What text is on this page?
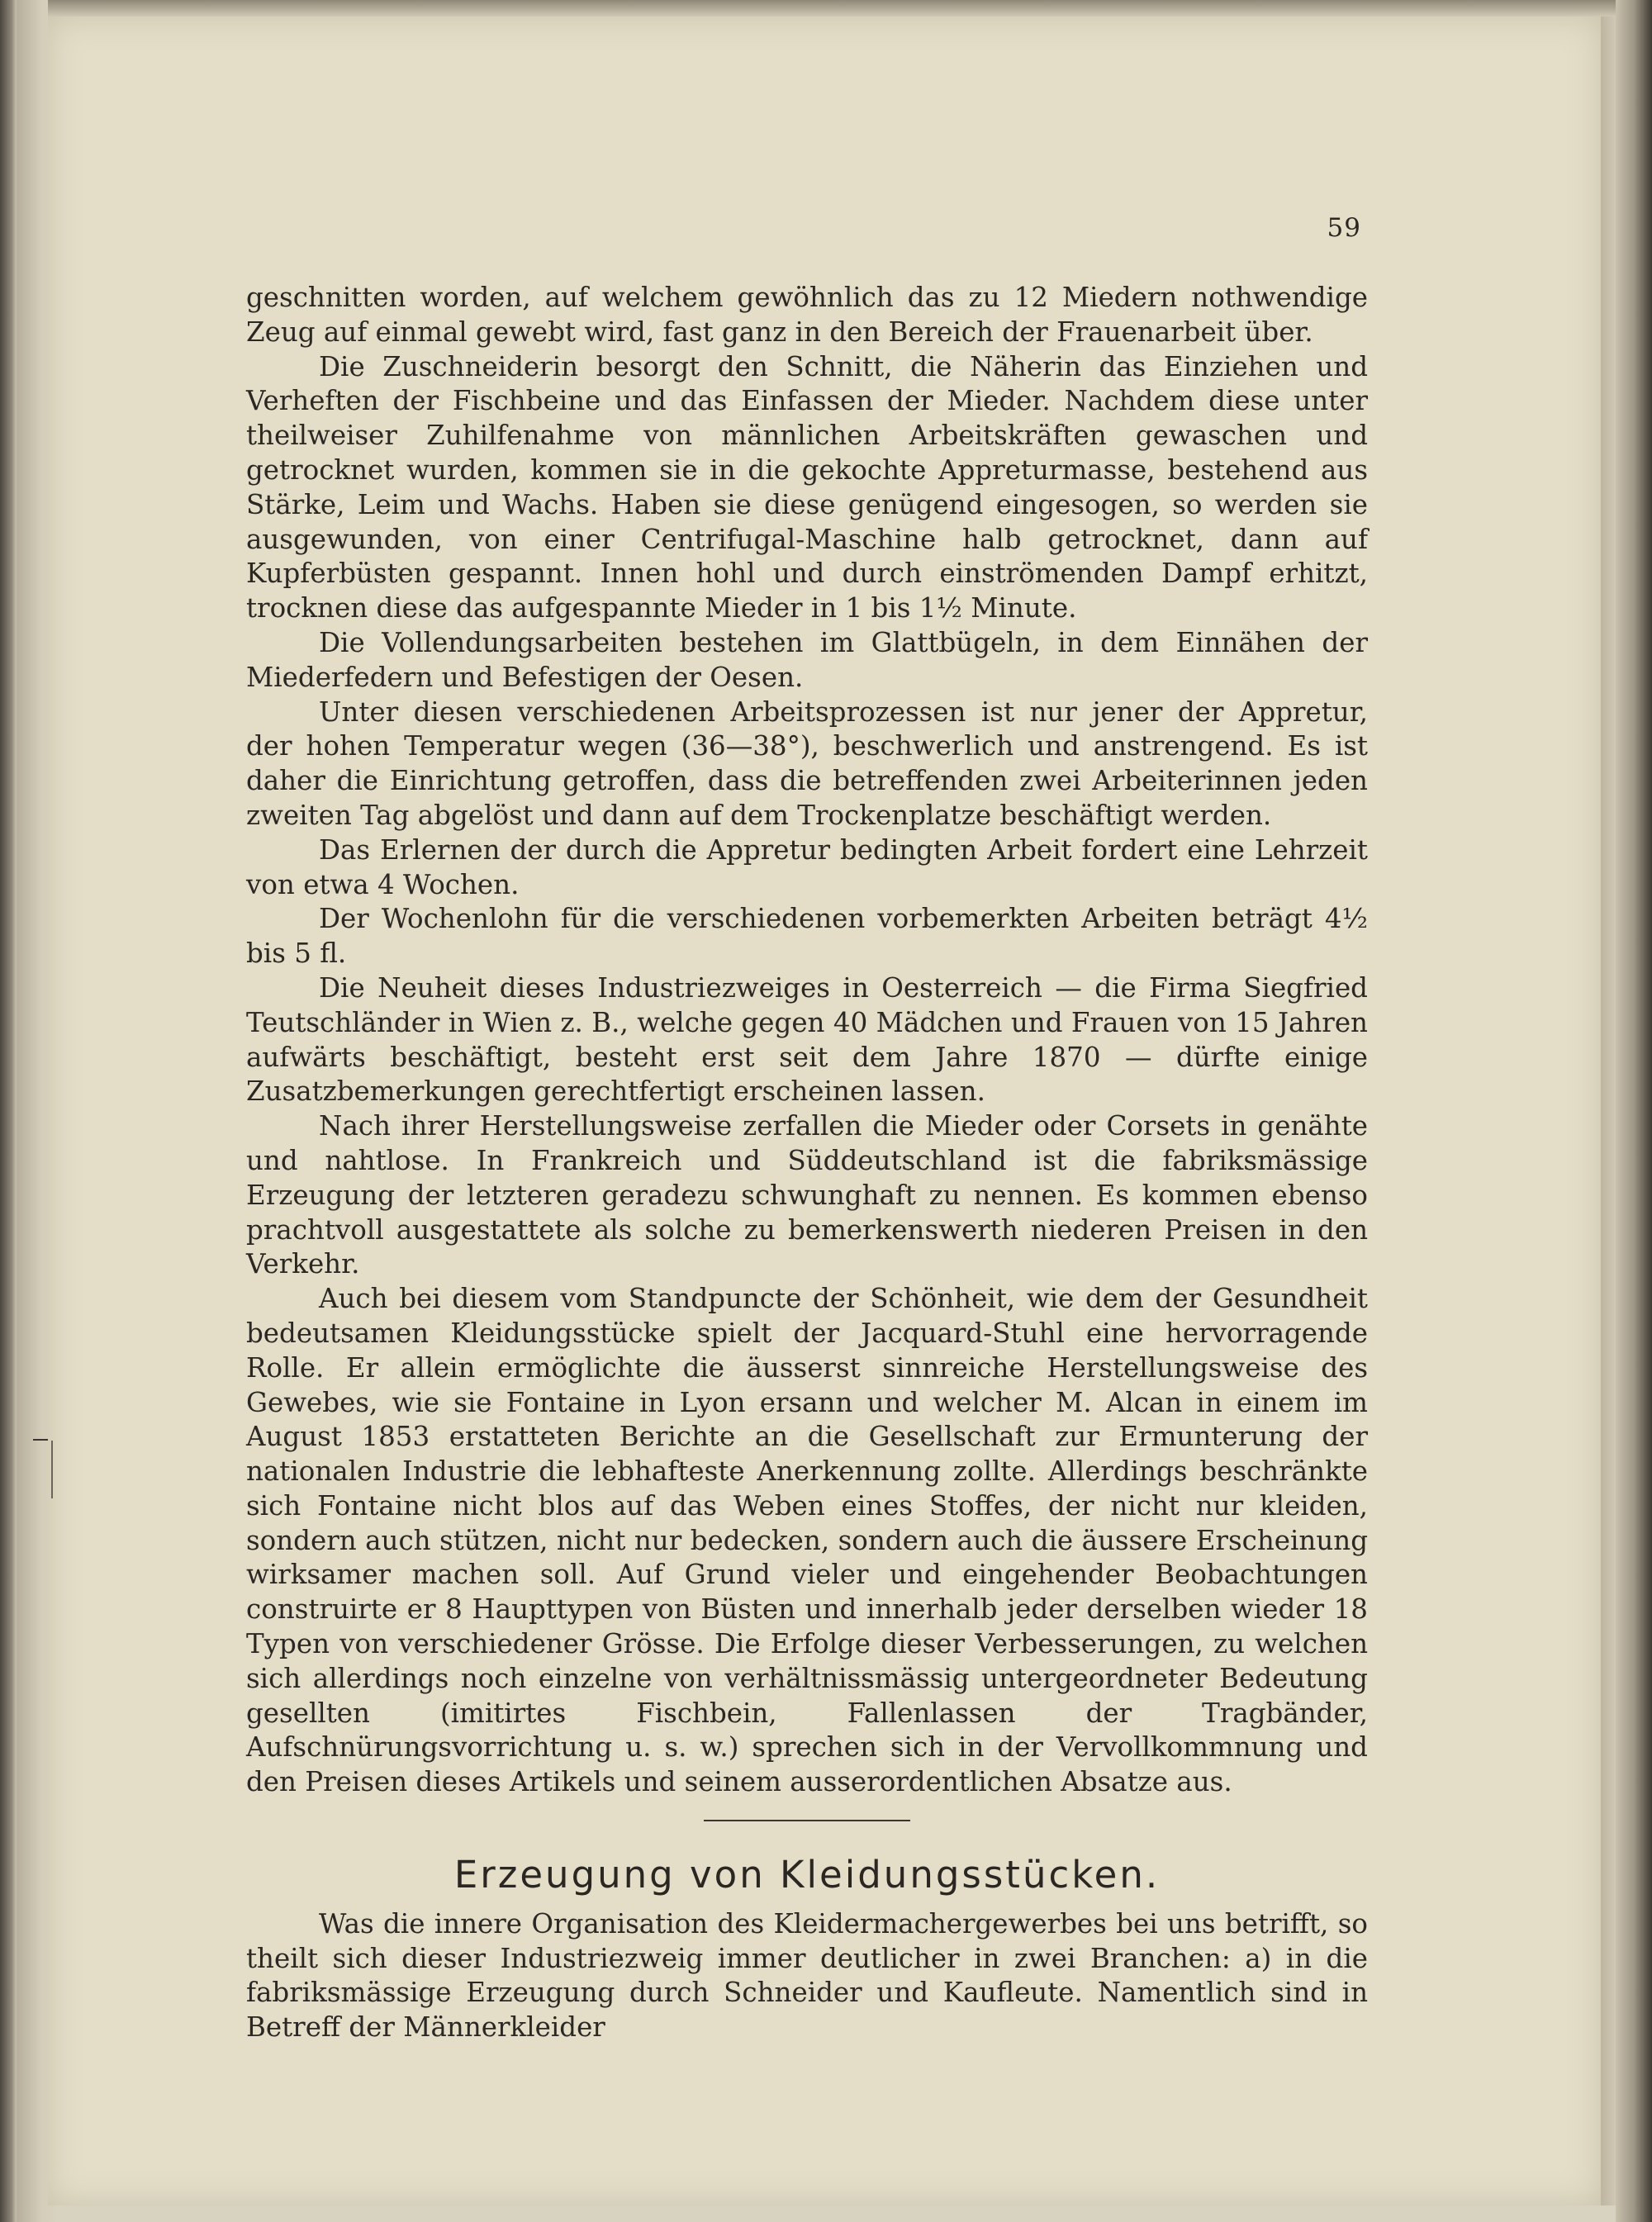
59

geschnitten worden, auf welchem gewöhnlich das zu 12 Miedern nothwendige Zeug auf einmal gewebt wird, fast ganz in den Bereich der Frauenarbeit über.

Die Zuschneiderin besorgt den Schnitt, die Näherin das Einziehen und Verheften der Fischbeine und das Einfassen der Mieder. Nachdem diese unter theilweiser Zuhilfenahme von männlichen Arbeitskräften gewaschen und getrocknet wurden, kommen sie in die gekochte Appreturmasse, bestehend aus Stärke, Leim und Wachs. Haben sie diese genügend eingesogen, so werden sie ausgewunden, von einer Centrifugal-Maschine halb getrocknet, dann auf Kupferbüsten gespannt. Innen hohl und durch einströmenden Dampf erhitzt, trocknen diese das aufgespannte Mieder in 1 bis 1½ Minute.

Die Vollendungsarbeiten bestehen im Glattbügeln, in dem Einnähen der Miederfedern und Befestigen der Oesen.

Unter diesen verschiedenen Arbeitsprozessen ist nur jener der Appretur, der hohen Temperatur wegen (36—38°), beschwerlich und anstrengend. Es ist daher die Einrichtung getroffen, dass die betreffenden zwei Arbeiterinnen jeden zweiten Tag abgelöst und dann auf dem Trockenplatze beschäftigt werden.

Das Erlernen der durch die Appretur bedingten Arbeit fordert eine Lehrzeit von etwa 4 Wochen.

Der Wochenlohn für die verschiedenen vorbemerkten Arbeiten beträgt 4½ bis 5 fl.

Die Neuheit dieses Industriezweiges in Oesterreich — die Firma Siegfried Teutschländer in Wien z. B., welche gegen 40 Mädchen und Frauen von 15 Jahren aufwärts beschäftigt, besteht erst seit dem Jahre 1870 — dürfte einige Zusatzbemerkungen gerechtfertigt erscheinen lassen.

Nach ihrer Herstellungsweise zerfallen die Mieder oder Corsets in genähte und nahtlose. In Frankreich und Süddeutschland ist die fabriksmässige Erzeugung der letzteren geradezu schwunghaft zu nennen. Es kommen ebenso prachtvoll ausgestattete als solche zu bemerkenswerth niederen Preisen in den Verkehr.

Auch bei diesem vom Standpuncte der Schönheit, wie dem der Gesundheit bedeutsamen Kleidungsstücke spielt der Jacquard-Stuhl eine hervorragende Rolle. Er allein ermöglichte die äusserst sinnreiche Herstellungsweise des Gewebes, wie sie Fontaine in Lyon ersann und welcher M. Alcan in einem im August 1853 erstatteten Berichte an die Gesellschaft zur Ermunterung der nationalen Industrie die lebhafteste Anerkennung zollte. Allerdings beschränkte sich Fontaine nicht blos auf das Weben eines Stoffes, der nicht nur kleiden, sondern auch stützen, nicht nur bedecken, sondern auch die äussere Erscheinung wirksamer machen soll. Auf Grund vieler und eingehender Beobachtungen construirte er 8 Haupttypen von Büsten und innerhalb jeder derselben wieder 18 Typen von verschiedener Grösse. Die Erfolge dieser Verbesserungen, zu welchen sich allerdings noch einzelne von verhältnissmässig untergeordneter Bedeutung gesellten (imitirtes Fischbein, Fallenlassen der Tragbänder, Aufschnürungsvorrichtung u. s. w.) sprechen sich in der Vervollkommnung und den Preisen dieses Artikels und seinem ausserordentlichen Absatze aus.

Erzeugung von Kleidungsstücken.

Was die innere Organisation des Kleidermachergewerbes bei uns betrifft, so theilt sich dieser Industriezweig immer deutlicher in zwei Branchen: a) in die fabriksmässige Erzeugung durch Schneider und Kaufleute. Namentlich sind in Betreff der Männerkleider
